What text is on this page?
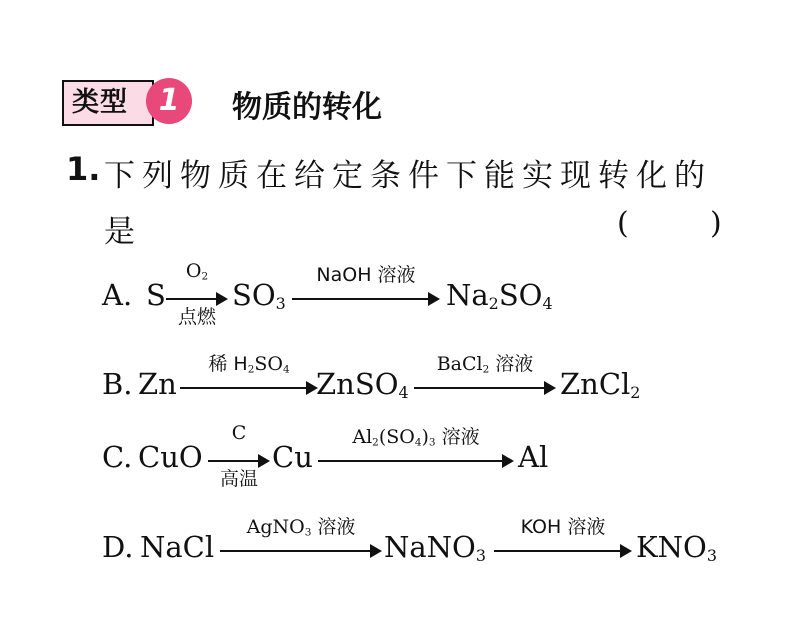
类型	1	物质的转化
1. 下列物质在给定条件下能实现转化的
是	(	)
A. S
$O_2$
点燃
$SO_3$
NaOH 溶液
$Na_2SO_4$
B. Zn
稀 $H_2SO_4$ ZnSO$_4$
BaCl$_2$ 溶液
ZnCl$_2$
C. CuO
C
高温
Cu
$Al_2(SO_4)_3$ 溶液
Al
D. NaCl
AgNO$_3$ 溶液
NaNO$_3$
KOH 溶液
$KNO_3$
